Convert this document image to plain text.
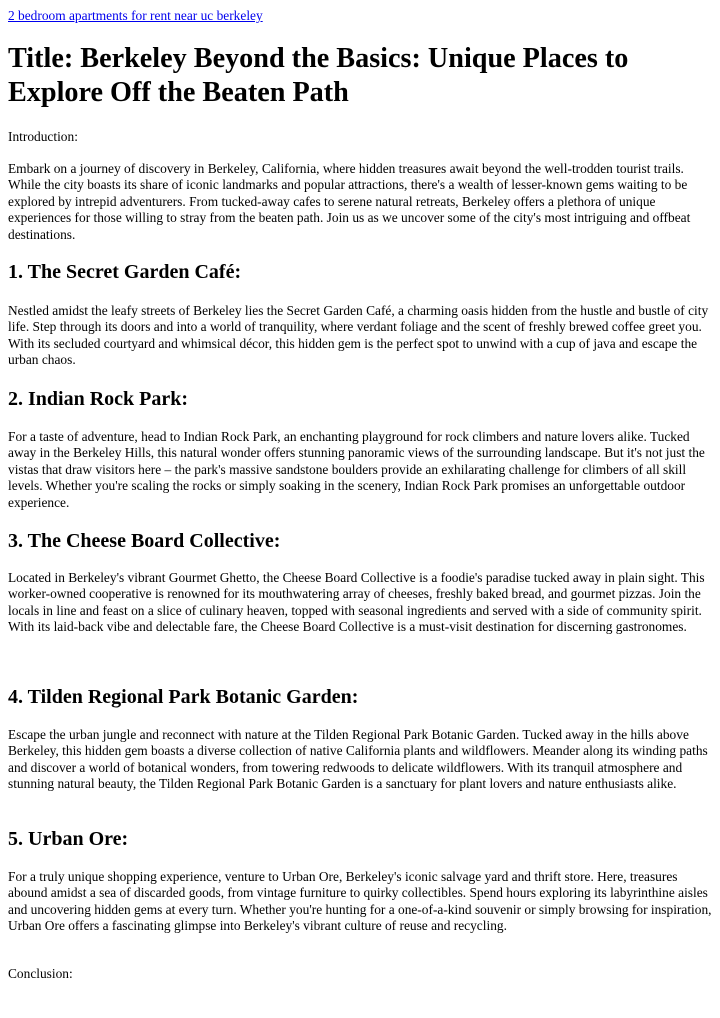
2 bedroom apartments for rent near uc berkeley
Title: Berkeley Beyond the Basics: Unique Places to Explore Off the Beaten Path

Introduction:

Embark on a journey of discovery in Berkeley, California, where hidden treasures await beyond the well-trodden tourist trails. While the city boasts its share of iconic landmarks and popular attractions, there's a wealth of lesser-known gems waiting to be explored by intrepid adventurers. From tucked-away cafes to serene natural retreats, Berkeley offers a plethora of unique experiences for those willing to stray from the beaten path. Join us as we uncover some of the city's most intriguing and offbeat destinations.

1. The Secret Garden Café:

Nestled amidst the leafy streets of Berkeley lies the Secret Garden Café, a charming oasis hidden from the hustle and bustle of city life. Step through its doors and into a world of tranquility, where verdant foliage and the scent of freshly brewed coffee greet you. With its secluded courtyard and whimsical décor, this hidden gem is the perfect spot to unwind with a cup of java and escape the urban chaos.

2. Indian Rock Park:

For a taste of adventure, head to Indian Rock Park, an enchanting playground for rock climbers and nature lovers alike. Tucked away in the Berkeley Hills, this natural wonder offers stunning panoramic views of the surrounding landscape. But it's not just the vistas that draw visitors here – the park's massive sandstone boulders provide an exhilarating challenge for climbers of all skill levels. Whether you're scaling the rocks or simply soaking in the scenery, Indian Rock Park promises an unforgettable outdoor experience.

3. The Cheese Board Collective:

Located in Berkeley's vibrant Gourmet Ghetto, the Cheese Board Collective is a foodie's paradise tucked away in plain sight. This worker-owned cooperative is renowned for its mouthwatering array of cheeses, freshly baked bread, and gourmet pizzas. Join the locals in line and feast on a slice of culinary heaven, topped with seasonal ingredients and served with a side of community spirit. With its laid-back vibe and delectable fare, the Cheese Board Collective is a must-visit destination for discerning gastronomes.

4. Tilden Regional Park Botanic Garden:

Escape the urban jungle and reconnect with nature at the Tilden Regional Park Botanic Garden. Tucked away in the hills above Berkeley, this hidden gem boasts a diverse collection of native California plants and wildflowers. Meander along its winding paths and discover a world of botanical wonders, from towering redwoods to delicate wildflowers. With its tranquil atmosphere and stunning natural beauty, the Tilden Regional Park Botanic Garden is a sanctuary for plant lovers and nature enthusiasts alike.

5. Urban Ore:

For a truly unique shopping experience, venture to Urban Ore, Berkeley's iconic salvage yard and thrift store. Here, treasures abound amidst a sea of discarded goods, from vintage furniture to quirky collectibles. Spend hours exploring its labyrinthine aisles and uncovering hidden gems at every turn. Whether you're hunting for a one-of-a-kind souvenir or simply browsing for inspiration, Urban Ore offers a fascinating glimpse into Berkeley's vibrant culture of reuse and recycling.

Conclusion:
